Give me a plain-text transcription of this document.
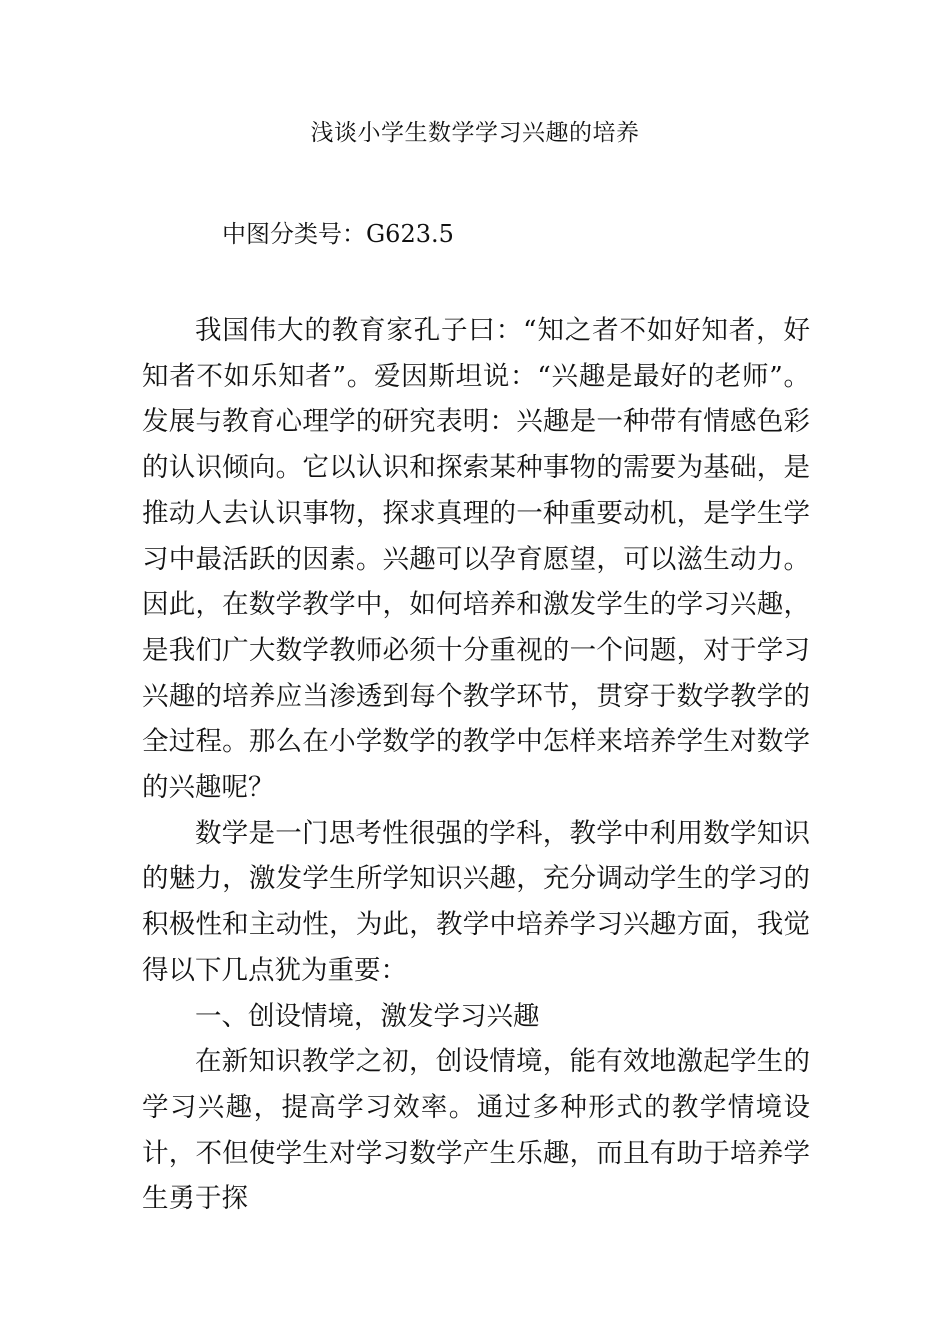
浅谈小学生数学学习兴趣的培养
中图分类号：G623.5

我国伟大的教育家孔子曰：“知之者不如好知者，好知者不如乐知者”。爱因斯坦说：“兴趣是最好的老师”。发展与教育心理学的研究表明：兴趣是一种带有情感色彩的认识倾向。它以认识和探索某种事物的需要为基础，是推动人去认识事物，探求真理的一种重要动机，是学生学习中最活跃的因素。兴趣可以孕育愿望，可以滋生动力。因此，在数学教学中，如何培养和激发学生的学习兴趣，是我们广大数学教师必须十分重视的一个问题，对于学习兴趣的培养应当渗透到每个教学环节，贯穿于数学教学的全过程。那么在小学数学的教学中怎样来培养学生对数学的兴趣呢？

数学是一门思考性很强的学科，教学中利用数学知识的魅力，激发学生所学知识兴趣，充分调动学生的学习的积极性和主动性，为此，教学中培养学习兴趣方面，我觉得以下几点犹为重要：

一、创设情境，激发学习兴趣

在新知识教学之初，创设情境，能有效地激起学生的学习兴趣，提高学习效率。通过多种形式的教学情境设计，不但使学生对学习数学产生乐趣，而且有助于培养学生勇于探
